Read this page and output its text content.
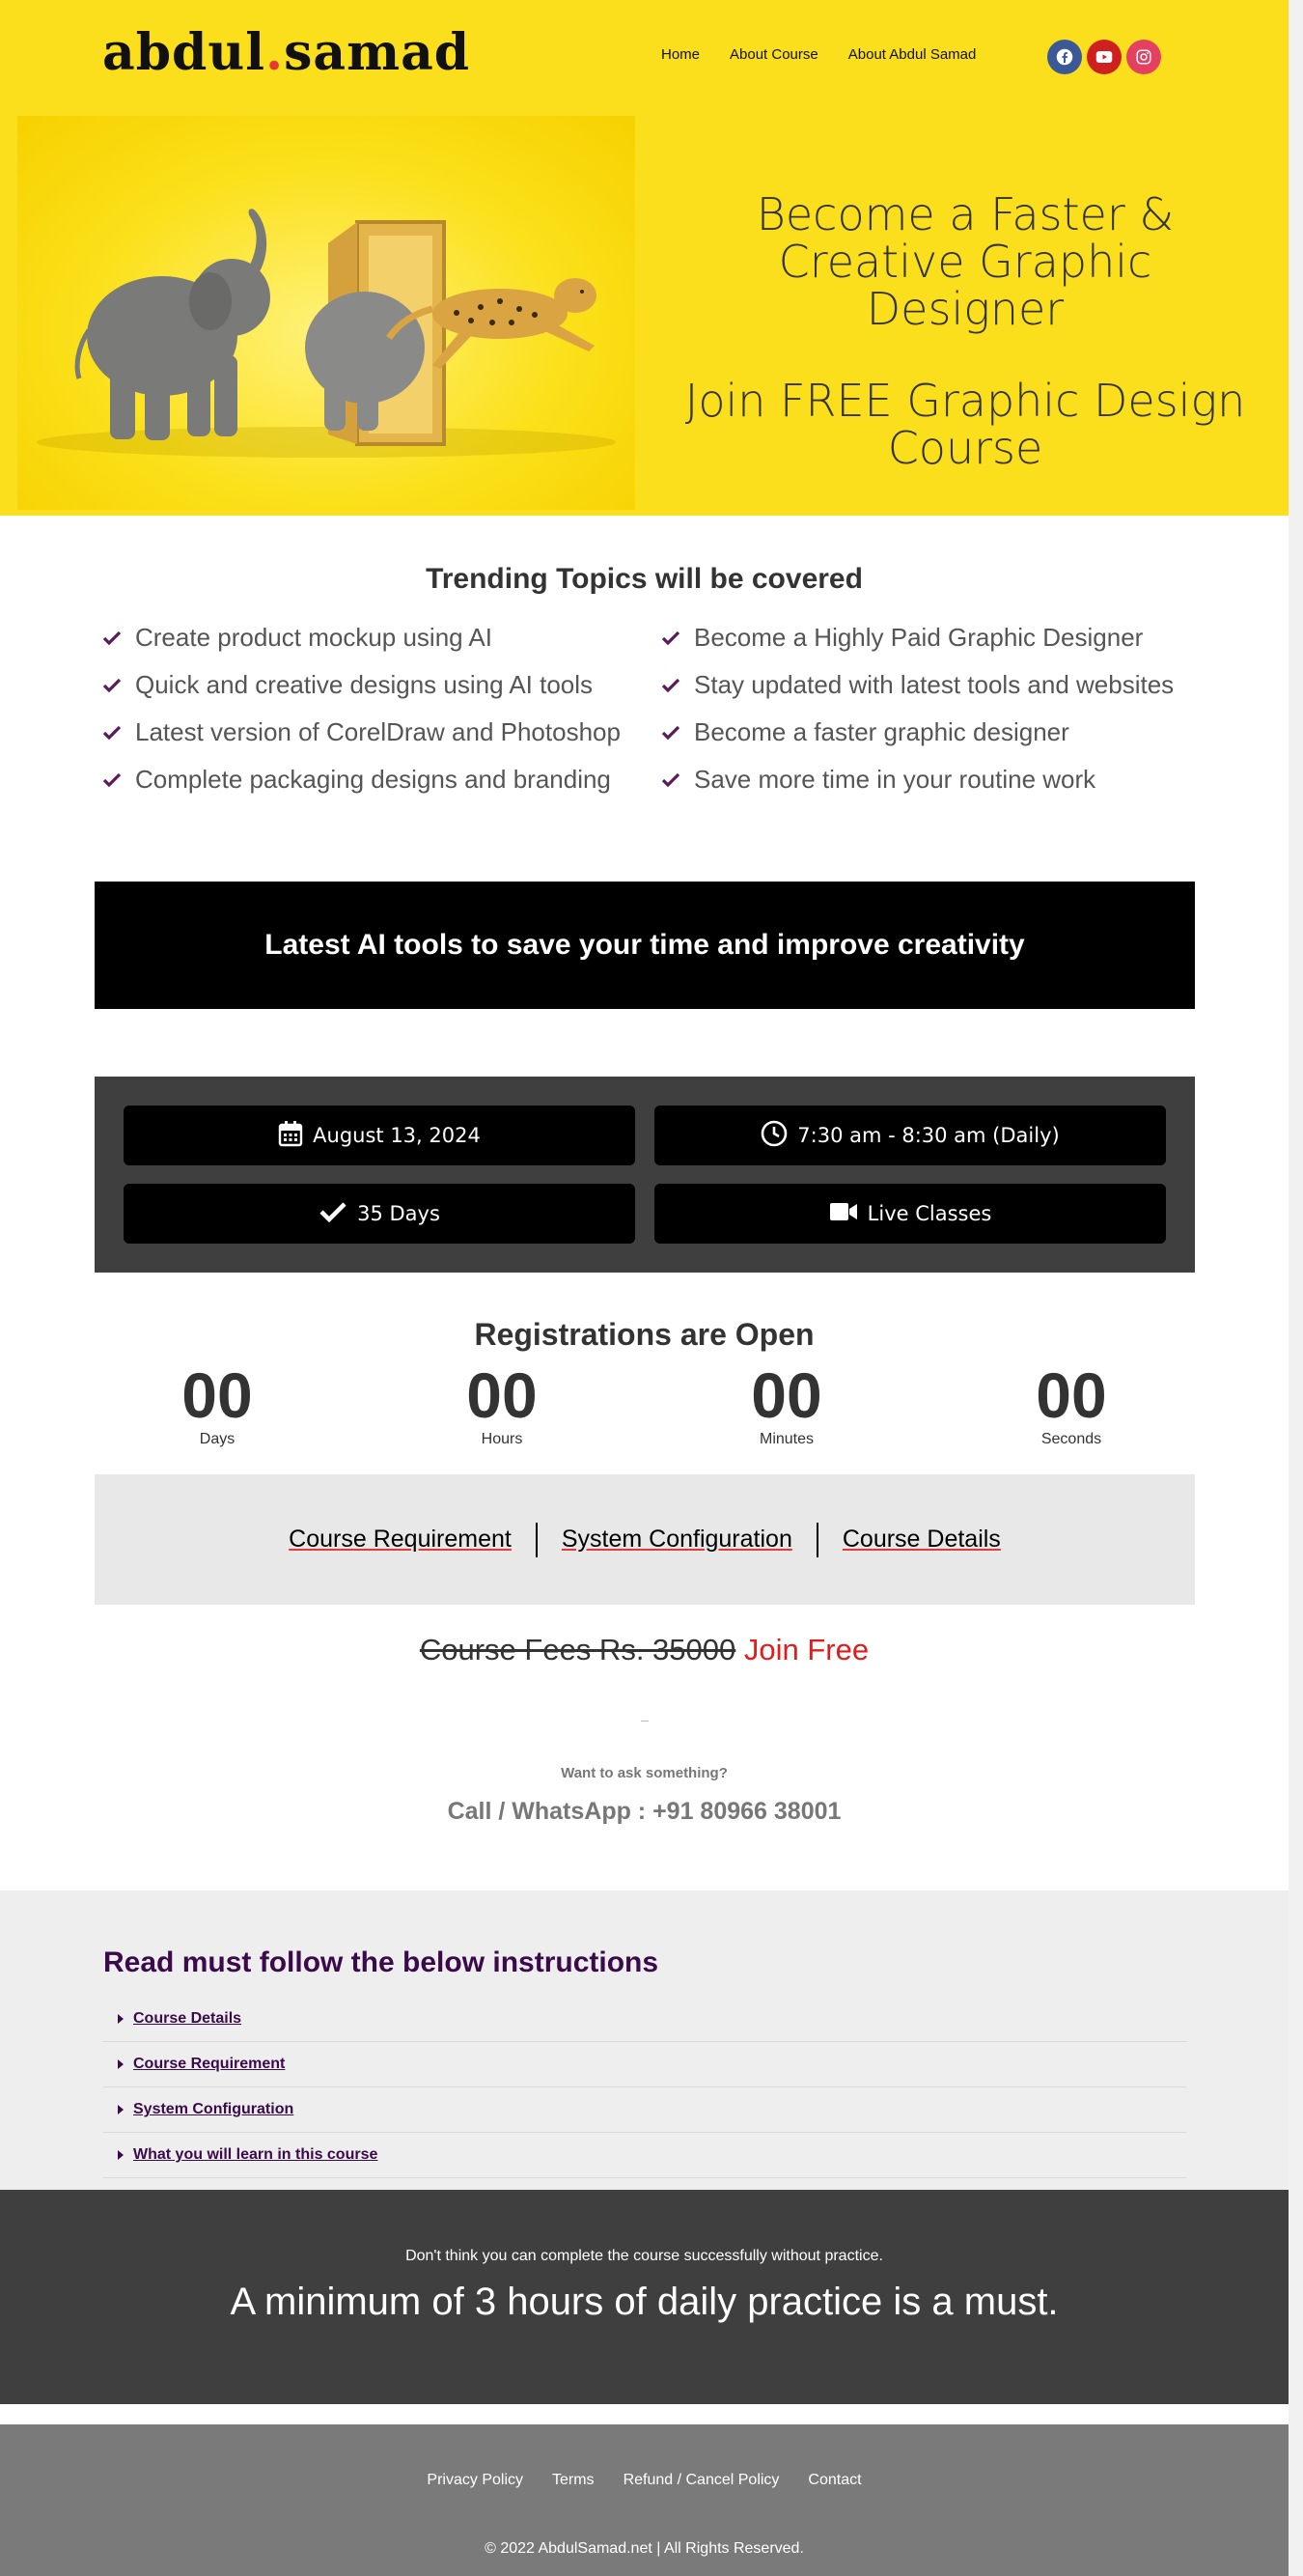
abdul.samad	Home About Course About Abdul Samad
Become a Faster & Creative Graphic Designer
Join FREE Graphic Design Course
Trending Topics will be covered
Create product mockup using AI
Quick and creative designs using AI tools
Latest version of CorelDraw and Photoshop
Complete packaging designs and branding
Become a Highly Paid Graphic Designer
Stay updated with latest tools and websites
Become a faster graphic designer
Save more time in your routine work
Latest AI tools to save your time and improve creativity
August 13, 2024	7:30 am - 8:30 am (Daily)
35 Days	Live Classes
Registrations are Open
00
Days
00
Hours
00
Minutes
00
Seconds
Course Requirement	System Configuration	Course Details
Course Fees Rs. 35000 Join Free
Want to ask something?
Call / WhatsApp : +91 80966 38001
Read must follow the below instructions
Course Details
Course Requirement
System Configuration
What you will learn in this course
Don't think you can complete the course successfully without practice.
A minimum of 3 hours of daily practice is a must.
Privacy Policy Terms Refund / Cancel Policy Contact
© 2022 AbdulSamad.net | All Rights Reserved.
